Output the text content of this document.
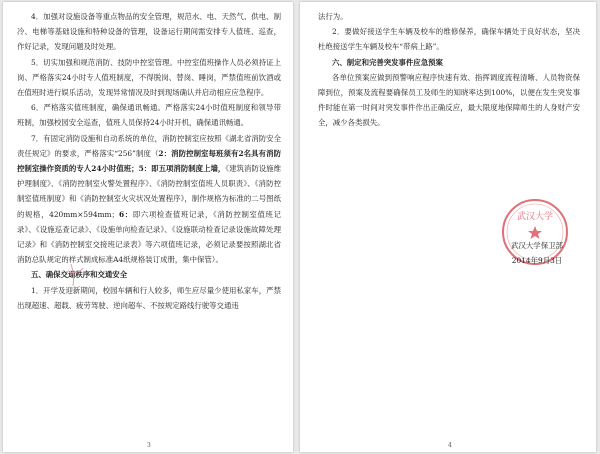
4．加强对设施设备等重点物品的安全管理，规范水、电、天然气、供电、制冷、电梯等基础设施和特种设备的管理，设备运行期间需安排专人值班、巡查，作好记录，发现问题及时处理。

5．切实加强和规范消防、技防中控室管理。中控室值班操作人员必须持证上岗、严格落实24小时专人值班制度，不得脱岗、替岗、睡岗，严禁值班前饮酒或在值班时进行娱乐活动，发现异常情况及时到现场确认并启动相应应急程序。

6．严格落实值班制度，确保通讯畅通。严格落实24小时值班制度和领导带班制，加强校园安全巡查，值班人员保持24小时开机，确保通讯畅通。

7．有固定消防设施和自动系统的单位，消防控制室应按照《湖北省消防安全责任规定》的要求，严格落实“256”制度（2：消防控制室每班须有2名具有消防控制室操作资质的专人24小时值班；5：即五项消防制度上墙，《建筑消防设施维护理制度》、《消防控制室火警处置程序》、《消防控制室值班人员职责》、《消防控制室值班制度》和《消防控制室火灾状况处置程序》，制作规格为标准的二号图纸的规格，420mm×594mm；6：即六项检查值班记录，《消防控制室值班记录》、《设施巡查记录》、《设施单向检查记录》、《设施联动检查记录设施故障处理记录》和《消防控制室交接班记录表》等六项值班记录，必须记录要按照湖北省消防总队规定的样式制成标准A4纸规格装订成册，集中保管）。

五、确保交通秩序和交通安全

1．开学及迎新期间，校园车辆和行人较多，师生应尽量少使用私家车，严禁出现超速、超载、疲劳驾驶、逆向超车、不按规定路线行驶等交通违

3

法行为。

2．要做好接送学生车辆及校车的维修保养，确保车辆处于良好状态，坚决杜绝接送学生车辆及校车“带病上路”。

六、制定和完善突发事件应急预案

各单位预案应做到预警响应程序快速有效、指挥调度流程清晰、人员物资保障到位，预案及流程要确保员工及师生的知晓率达到100%，以便在发生突发事件时能在第一时间对突发事件作出正确反应，最大限度地保障师生的人身财产安全，减少各类损失。

武汉大学
武汉大学保卫部
2014年9月3日
4
